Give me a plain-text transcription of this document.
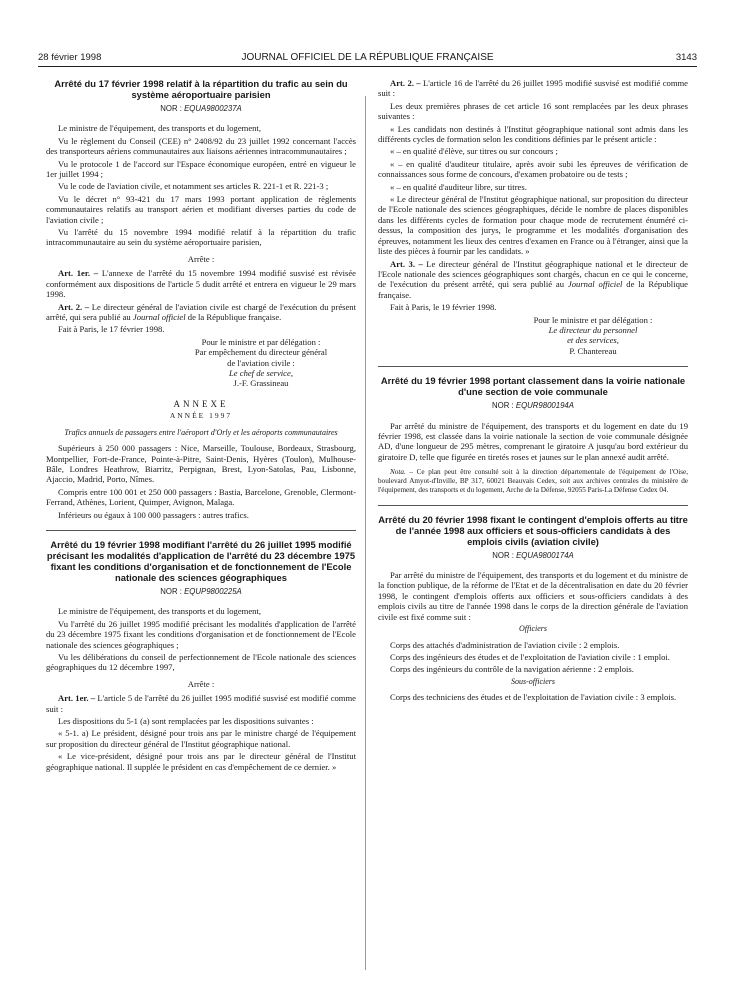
28 février 1998	JOURNAL OFFICIEL DE LA RÉPUBLIQUE FRANÇAISE	3143
Arrêté du 17 février 1998 relatif à la répartition du trafic au sein du système aéroportuaire parisien
NOR : EQUA9800237A

Le ministre de l'équipement, des transports et du logement,

Vu le règlement du Conseil (CEE) n° 2408/92 du 23 juillet 1992 concernant l'accès des transporteurs aériens communautaires aux liaisons aériennes intracommunautaires ;

Vu le protocole 1 de l'accord sur l'Espace économique européen, entré en vigueur le 1er juillet 1994 ;

Vu le code de l'aviation civile, et notamment ses articles R. 221-1 et R. 221-3 ;

Vu le décret n° 93-421 du 17 mars 1993 portant application de règlements communautaires relatifs au transport aérien et modifiant diverses parties du code de l'aviation civile ;

Vu l'arrêté du 15 novembre 1994 modifié relatif à la répartition du trafic intracommunautaire au sein du système aéroportuaire parisien,

Arrête :

Art. 1er. – L'annexe de l'arrêté du 15 novembre 1994 modifié susvisé est révisée conformément aux dispositions de l'article 5 dudit arrêté et entrera en vigueur le 29 mars 1998.

Art. 2. – Le directeur général de l'aviation civile est chargé de l'exécution du présent arrêté, qui sera publié au Journal officiel de la République française.

Fait à Paris, le 17 février 1998.

Pour le ministre et par délégation :
Par empêchement du directeur général
de l'aviation civile :
Le chef de service,
J.-F. Grassineau
ANNEXE
ANNÉE 1997

Trafics annuels de passagers entre l'aéroport d'Orly et les aéroports communautaires

Supérieurs à 250 000 passagers : Nice, Marseille, Toulouse, Bordeaux, Strasbourg, Montpellier, Fort-de-France, Pointe-à-Pitre, Saint-Denis, Hyères (Toulon), Mulhouse-Bâle, Londres Heathrow, Biarritz, Perpignan, Brest, Lyon-Satolas, Pau, Lisbonne, Ajaccio, Madrid, Porto, Nîmes.

Compris entre 100 001 et 250 000 passagers : Bastia, Barcelone, Grenoble, Clermont-Ferrand, Athènes, Lorient, Quimper, Avignon, Malaga.

Inférieurs ou égaux à 100 000 passagers : autres trafics.

Arrêté du 19 février 1998 modifiant l'arrêté du 26 juillet 1995 modifié précisant les modalités d'application de l'arrêté du 23 décembre 1975 fixant les conditions d'organisation et de fonctionnement de l'Ecole nationale des sciences géographiques
NOR : EQUP9800225A

Le ministre de l'équipement, des transports et du logement,

Vu l'arrêté du 26 juillet 1995 modifié précisant les modalités d'application de l'arrêté du 23 décembre 1975 fixant les conditions d'organisation et de fonctionnement de l'Ecole nationale des sciences géographiques ;

Vu les délibérations du conseil de perfectionnement de l'Ecole nationale des sciences géographiques du 12 décembre 1997,

Arrête :

Art. 1er. – L'article 5 de l'arrêté du 26 juillet 1995 modifié susvisé est modifié comme suit :

Les dispositions du 5-1 (a) sont remplacées par les dispositions suivantes :

« 5-1. a) Le président, désigné pour trois ans par le ministre chargé de l'équipement sur proposition du directeur général de l'Institut géographique national.

« Le vice-président, désigné pour trois ans par le directeur général de l'Institut géographique national. Il supplée le président en cas d'empêchement de ce dernier. »

Art. 2. – L'article 16 de l'arrêté du 26 juillet 1995 modifié susvisé est modifié comme suit :

Les deux premières phrases de cet article 16 sont remplacées par les deux phrases suivantes :

« Les candidats non destinés à l'Institut géographique national sont admis dans les différents cycles de formation selon les conditions définies par le présent article :

« – en qualité d'élève, sur titres ou sur concours ;

« – en qualité d'auditeur titulaire, après avoir subi les épreuves de vérification de connaissances sous forme de concours, d'examen probatoire ou de tests ;

« – en qualité d'auditeur libre, sur titres.

« Le directeur général de l'Institut géographique national, sur proposition du directeur de l'Ecole nationale des sciences géographiques, décide le nombre de places disponibles dans les différents cycles de formation pour chaque mode de recrutement énuméré ci-dessus, la composition des jurys, le programme et les modalités d'organisation des épreuves, notamment les lieux des centres d'examen en France ou à l'étranger, ainsi que la liste des pièces à fournir par les candidats. »

Art. 3. – Le directeur général de l'Institut géographique national et le directeur de l'Ecole nationale des sciences géographiques sont chargés, chacun en ce qui le concerne, de l'exécution du présent arrêté, qui sera publié au Journal officiel de la République française.

Fait à Paris, le 19 février 1998.

Pour le ministre et par délégation :
Le directeur du personnel
et des services,
P. Chantereau
Arrêté du 19 février 1998 portant classement dans la voirie nationale d'une section de voie communale
NOR : EQUR9800194A

Par arrêté du ministre de l'équipement, des transports et du logement en date du 19 février 1998, est classée dans la voirie nationale la section de voie communale désignée AD, d'une longueur de 295 mètres, comprenant le giratoire A jusqu'au bord extérieur du giratoire D, telle que figurée en tiretés roses et jaunes sur le plan annexé audit arrêté.

Nota. – Ce plan peut être consulté soit à la direction départementale de l'équipement de l'Oise, boulevard Amyot-d'Inville, BP 317, 60021 Beauvais Cedex, soit aux archives centrales du ministère de l'équipement, des transports et du logement, Arche de la Défense, 92055 Paris-La Défense Cedex 04.

Arrêté du 20 février 1998 fixant le contingent d'emplois offerts au titre de l'année 1998 aux officiers et sous-officiers candidats à des emplois civils (aviation civile)
NOR : EQUA9800174A

Par arrêté du ministre de l'équipement, des transports et du logement et du ministre de la fonction publique, de la réforme de l'Etat et de la décentralisation en date du 20 février 1998, le contingent d'emplois offerts aux officiers et sous-officiers candidats à des emplois civils au titre de l'année 1998 dans le corps de la direction générale de l'aviation civile est fixé comme suit :

Officiers

Corps des attachés d'administration de l'aviation civile : 2 emplois.

Corps des ingénieurs des études et de l'exploitation de l'aviation civile : 1 emploi.

Corps des ingénieurs du contrôle de la navigation aérienne : 2 emplois.

Sous-officiers

Corps des techniciens des études et de l'exploitation de l'aviation civile : 3 emplois.
